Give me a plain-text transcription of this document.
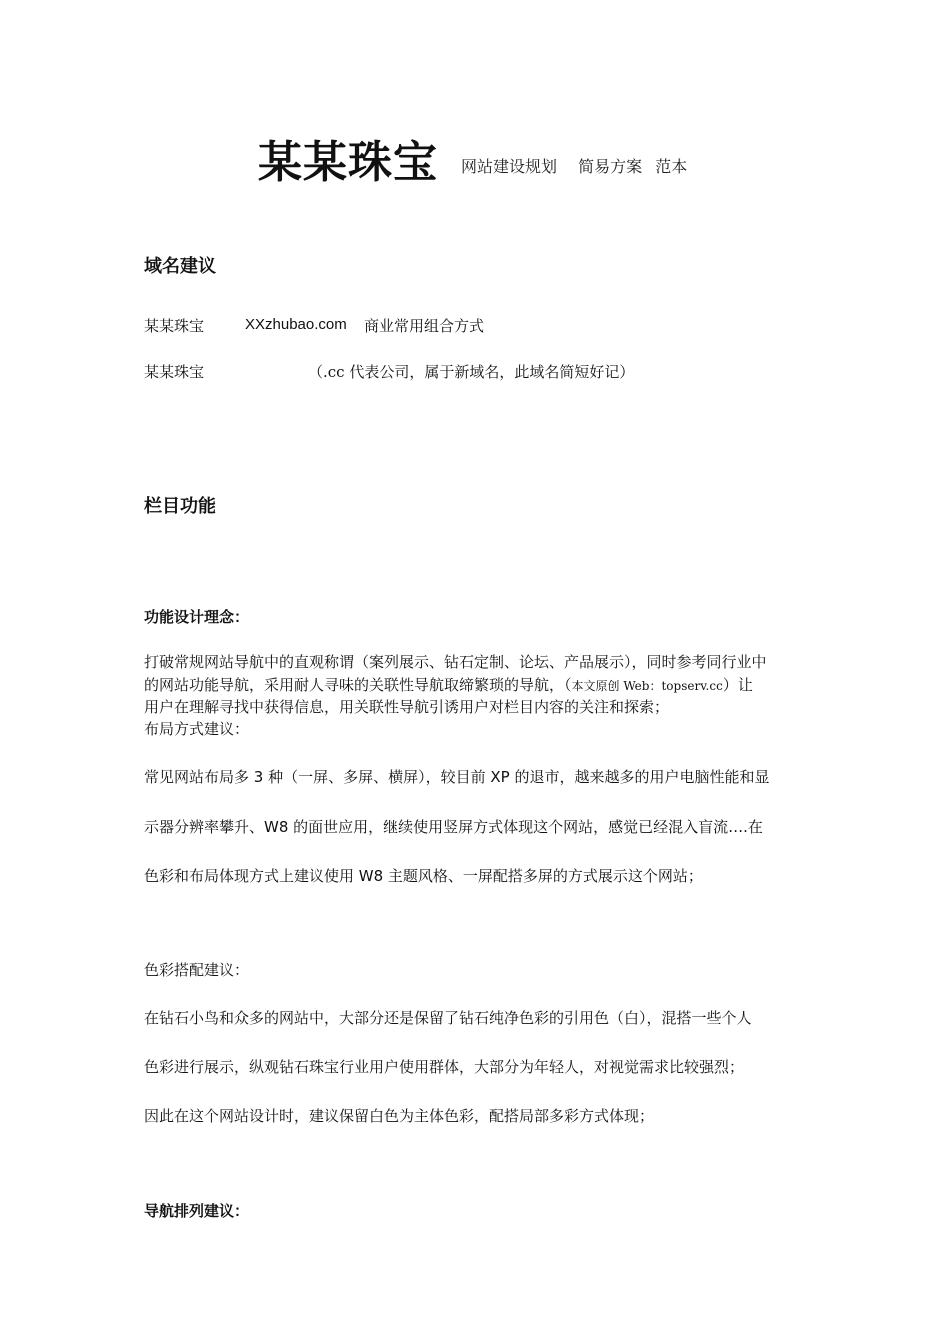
某某珠宝 网站建设规划 简易方案 范本
域名建议
某某珠宝	XXzhubao.com 商业常用组合方式
某某珠宝	（.cc 代表公司，属于新域名，此域名简短好记）
栏目功能
功能设计理念：
打破常规网站导航中的直观称谓（案列展示、钻石定制、论坛、产品展示），同时参考同行业中
的网站功能导航，采用耐人寻味的关联性导航取缔繁琐的导航，（本文原创 Web：topserv.cc）让
用户在理解寻找中获得信息，用关联性导航引诱用户对栏目内容的关注和探索；
布局方式建议：
常见网站布局多 3 种（一屏、多屏、横屏），较目前 XP 的退市，越来越多的用户电脑性能和显
示器分辨率攀升、W8 的面世应用，继续使用竖屏方式体现这个网站，感觉已经混入盲流….在
色彩和布局体现方式上建议使用 W8 主题风格、一屏配搭多屏的方式展示这个网站；
色彩搭配建议：
在钻石小鸟和众多的网站中，大部分还是保留了钻石纯净色彩的引用色（白），混搭一些个人
色彩进行展示，纵观钻石珠宝行业用户使用群体，大部分为年轻人，对视觉需求比较强烈；
因此在这个网站设计时，建议保留白色为主体色彩，配搭局部多彩方式体现；
导航排列建议：
